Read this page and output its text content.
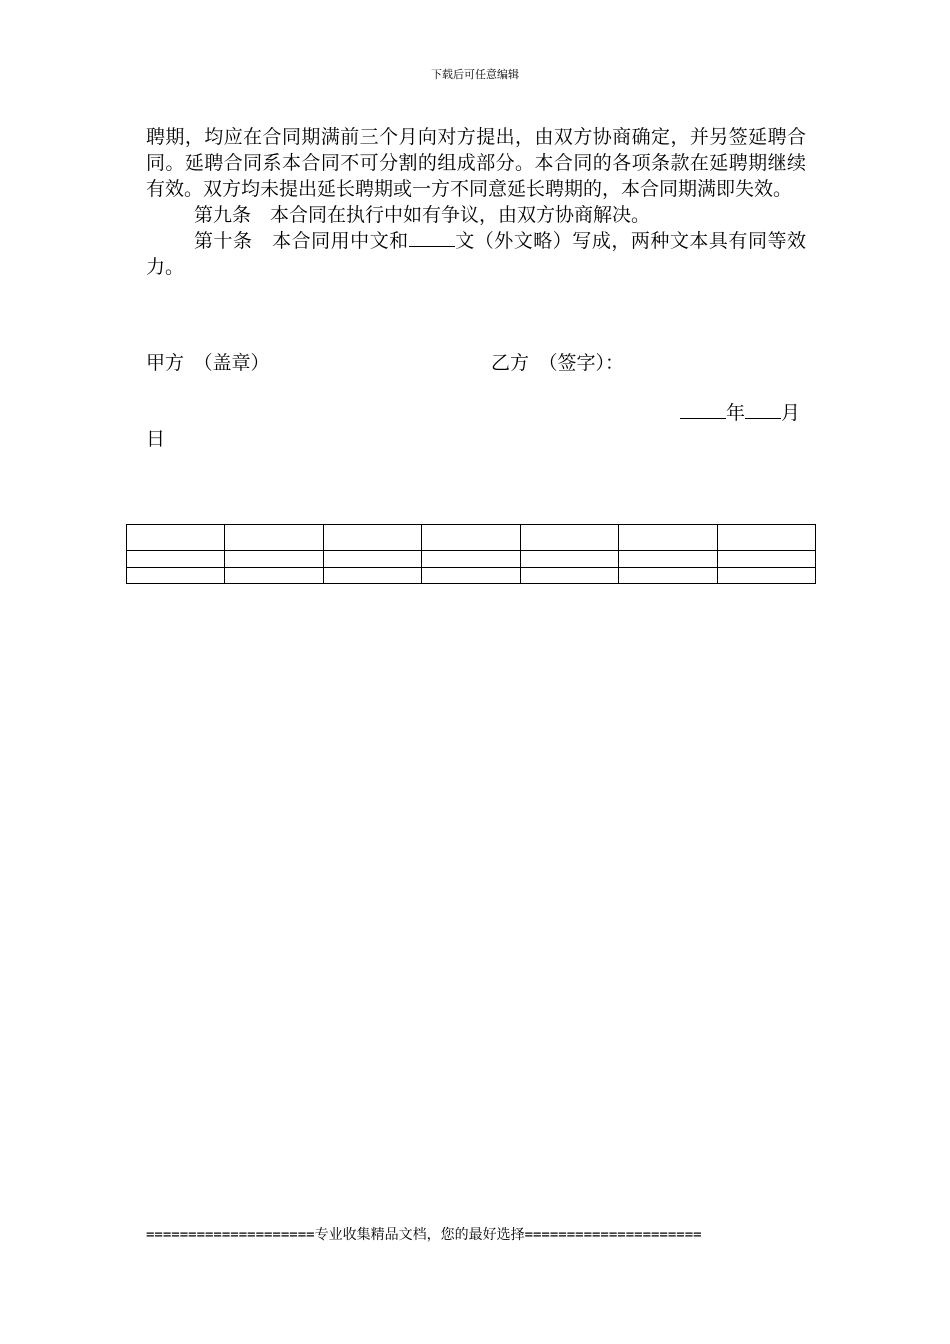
下载后可任意编辑

聘期，均应在合同期满前三个月向对方提出，由双方协商确定，并另签延聘合同。延聘合同系本合同不可分割的组成部分。本合同的各项条款在延聘期继续有效。双方均未提出延长聘期或一方不同意延长聘期的，本合同期满即失效。

第九条　本合同在执行中如有争议，由双方协商解决。

第十条　本合同用中文和 文（外文略）写成，两种文本具有同等效力。

甲方　（盖章）	乙方　（签字）：
年 月
日

====================专业收集精品文档，您的最好选择=====================
